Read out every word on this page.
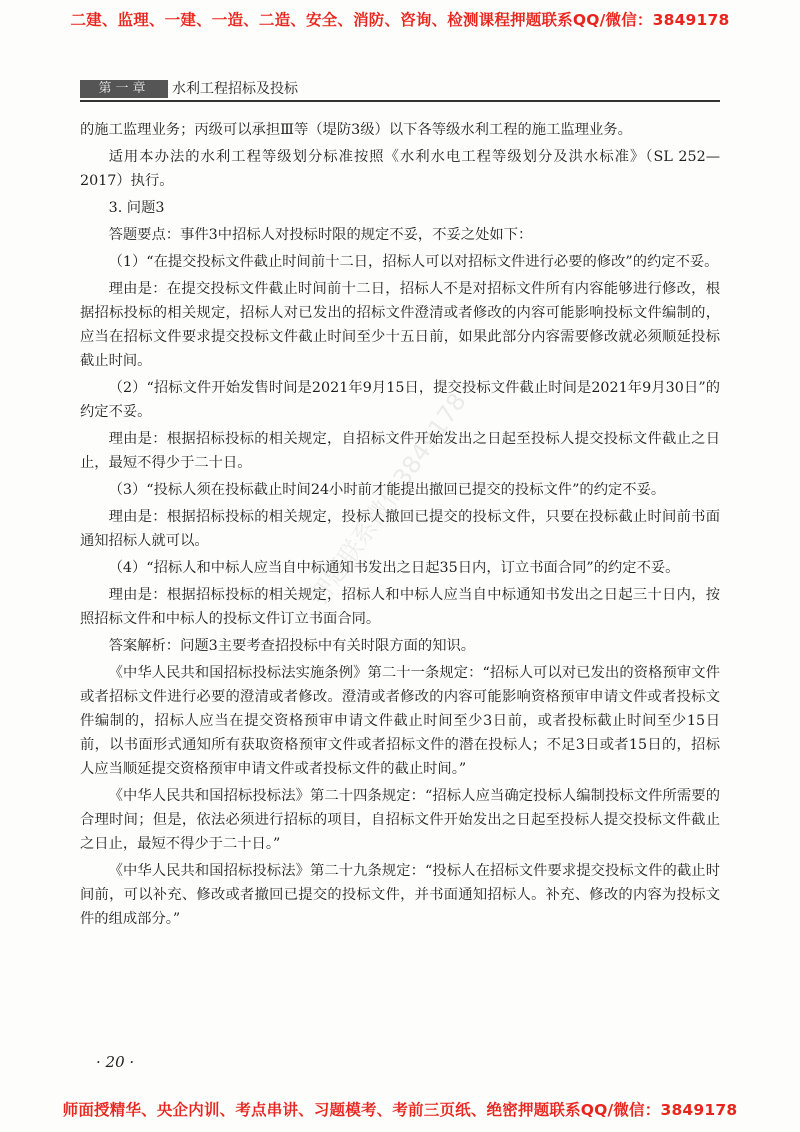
二建、监理、一建、一造、二造、安全、消防、咨询、检测课程押题联系QQ/微信：3849178
第一章	水利工程招标及投标

的施工监理业务；丙级可以承担Ⅲ等（堤防3级）以下各等级水利工程的施工监理业务。

适用本办法的水利工程等级划分标准按照《水利水电工程等级划分及洪水标准》（SL 252—2017）执行。

3. 问题3

答题要点：事件3中招标人对投标时限的规定不妥，不妥之处如下：

（1）“在提交投标文件截止时间前十二日，招标人可以对招标文件进行必要的修改”的约定不妥。

理由是：在提交投标文件截止时间前十二日，招标人不是对招标文件所有内容能够进行修改，根据招标投标的相关规定，招标人对已发出的招标文件澄清或者修改的内容可能影响投标文件编制的，应当在招标文件要求提交投标文件截止时间至少十五日前，如果此部分内容需要修改就必须顺延投标截止时间。

（2）“招标文件开始发售时间是2021年9月15日，提交投标文件截止时间是2021年9月30日”的约定不妥。

理由是：根据招标投标的相关规定，自招标文件开始发出之日起至投标人提交投标文件截止之日止，最短不得少于二十日。

（3）“投标人须在投标截止时间24小时前才能提出撤回已提交的投标文件”的约定不妥。

理由是：根据招标投标的相关规定，投标人撤回已提交的投标文件，只要在投标截止时间前书面通知招标人就可以。

（4）“招标人和中标人应当自中标通知书发出之日起35日内，订立书面合同”的约定不妥。

理由是：根据招标投标的相关规定，招标人和中标人应当自中标通知书发出之日起三十日内，按照招标文件和中标人的投标文件订立书面合同。

答案解析：问题3主要考查招投标中有关时限方面的知识。

《中华人民共和国招标投标法实施条例》第二十一条规定：“招标人可以对已发出的资格预审文件或者招标文件进行必要的澄清或者修改。澄清或者修改的内容可能影响资格预审申请文件或者投标文件编制的，招标人应当在提交资格预审申请文件截止时间至少3日前，或者投标截止时间至少15日前，以书面形式通知所有获取资格预审文件或者招标文件的潜在投标人；不足3日或者15日的，招标人应当顺延提交资格预审申请文件或者投标文件的截止时间。”

《中华人民共和国招标投标法》第二十四条规定：“招标人应当确定投标人编制投标文件所需要的合理时间；但是，依法必须进行招标的项目，自招标文件开始发出之日起至投标人提交投标文件截止之日止，最短不得少于二十日。”

《中华人民共和国招标投标法》第二十九条规定：“投标人在招标文件要求提交投标文件的截止时间前，可以补充、修改或者撤回已提交的投标文件，并书面通知招标人。补充、修改的内容为投标文件的组成部分。”

押题联系微信3849178
· 20 ·
师面授精华、央企内训、考点串讲、习题模考、考前三页纸、绝密押题联系QQ/微信：3849178
